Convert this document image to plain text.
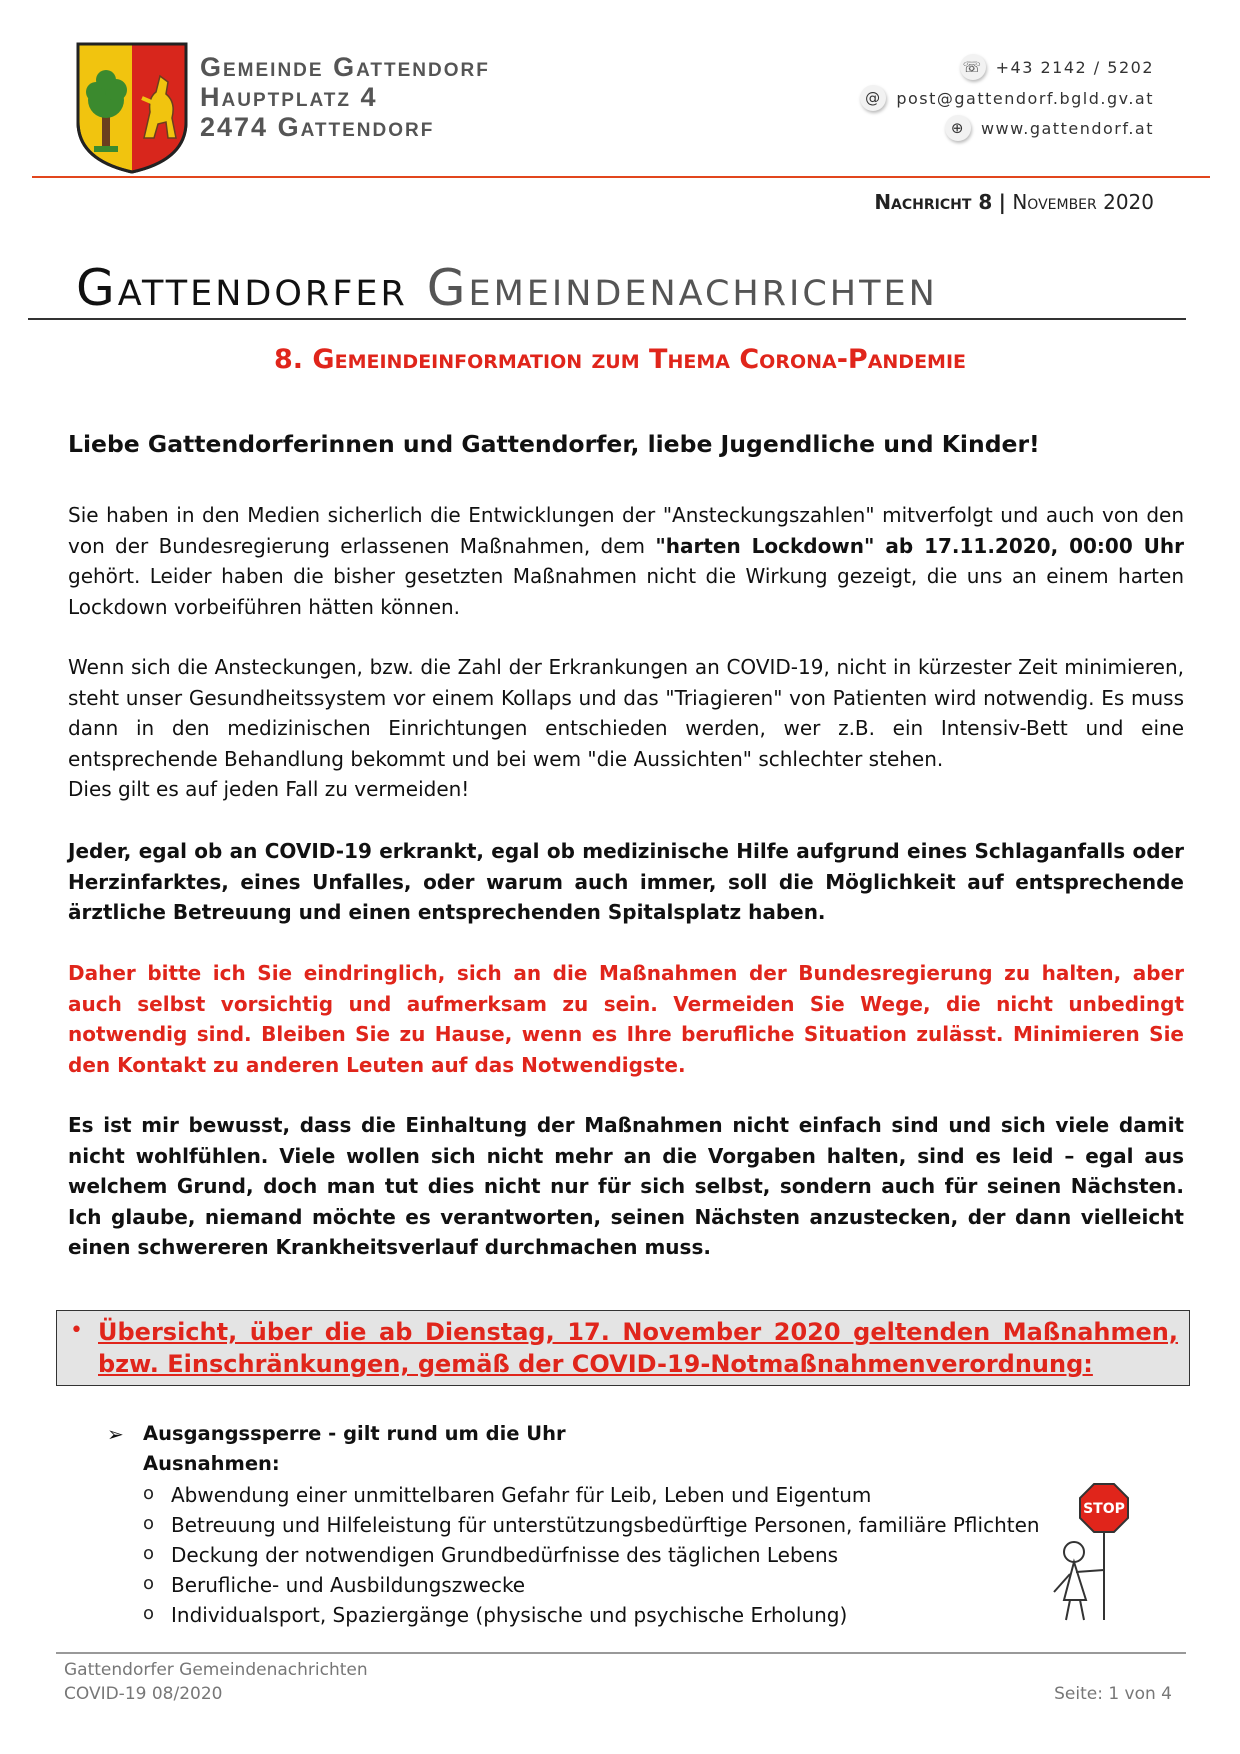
Gemeinde Gattendorf
Hauptplatz 4
2474 Gattendorf
☏ +43 2142 / 5202
@ post@gattendorf.bgld.gv.at
⊕ www.gattendorf.at
Nachricht 8 | November 2020
Gattendorfer Gemeindenachrichten
8. Gemeindeinformation zum Thema Corona-Pandemie
Liebe Gattendorferinnen und Gattendorfer, liebe Jugendliche und Kinder!

Sie haben in den Medien sicherlich die Entwicklungen der "Ansteckungszahlen" mitverfolgt und auch von den von der Bundesregierung erlassenen Maßnahmen, dem "harten Lockdown" ab 17.11.2020, 00:00 Uhr gehört. Leider haben die bisher gesetzten Maßnahmen nicht die Wirkung gezeigt, die uns an einem harten Lockdown vorbeiführen hätten können.

Wenn sich die Ansteckungen, bzw. die Zahl der Erkrankungen an COVID-19, nicht in kürzester Zeit minimieren, steht unser Gesundheitssystem vor einem Kollaps und das "Triagieren" von Patienten wird notwendig. Es muss dann in den medizinischen Einrichtungen entschieden werden, wer z.B. ein Intensiv-Bett und eine entsprechende Behandlung bekommt und bei wem "die Aussichten" schlechter stehen.

Dies gilt es auf jeden Fall zu vermeiden!

Jeder, egal ob an COVID-19 erkrankt, egal ob medizinische Hilfe aufgrund eines Schlaganfalls oder Herzinfarktes, eines Unfalles, oder warum auch immer, soll die Möglichkeit auf entsprechende ärztliche Betreuung und einen entsprechenden Spitalsplatz haben.

Daher bitte ich Sie eindringlich, sich an die Maßnahmen der Bundesregierung zu halten, aber auch selbst vorsichtig und aufmerksam zu sein. Vermeiden Sie Wege, die nicht unbedingt notwendig sind. Bleiben Sie zu Hause, wenn es Ihre berufliche Situation zulässt. Minimieren Sie den Kontakt zu anderen Leuten auf das Notwendigste.

Es ist mir bewusst, dass die Einhaltung der Maßnahmen nicht einfach sind und sich viele damit nicht wohlfühlen. Viele wollen sich nicht mehr an die Vorgaben halten, sind es leid – egal aus welchem Grund, doch man tut dies nicht nur für sich selbst, sondern auch für seinen Nächsten. Ich glaube, niemand möchte es verantworten, seinen Nächsten anzustecken, der dann vielleicht einen schwereren Krankheitsverlauf durchmachen muss.

• Übersicht, über die ab Dienstag, 17. November 2020 geltenden Maßnahmen, bzw. Einschränkungen, gemäß der COVID-19-Notmaßnahmenverordnung:

➢ Ausgangssperre - gilt rund um die Uhr
Ausnahmen:
o Abwendung einer unmittelbaren Gefahr für Leib, Leben und Eigentum
o Betreuung und Hilfeleistung für unterstützungsbedürftige Personen, familiäre Pflichten
o Deckung der notwendigen Grundbedürfnisse des täglichen Lebens
o Berufliche- und Ausbildungszwecke
o Individualsport, Spaziergänge (physische und psychische Erholung)
STOP
Gattendorfer Gemeindenachrichten
COVID-19 08/2020	Seite: 1 von 4
